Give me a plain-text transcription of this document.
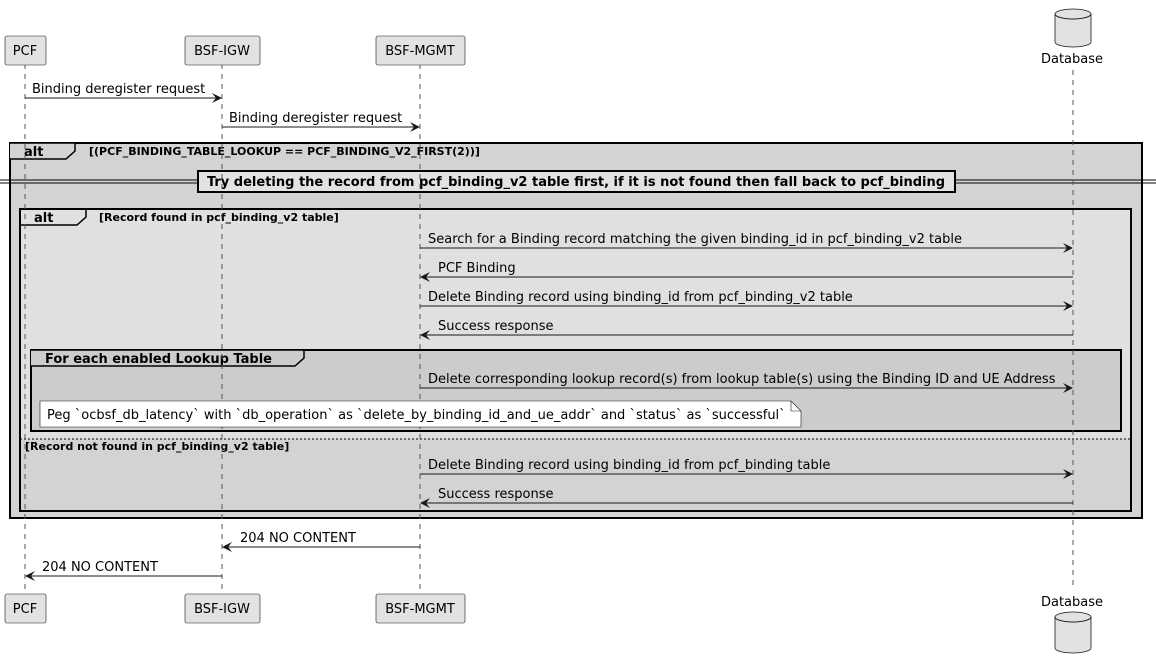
alt	[(PCF_BINDING_TABLE_LOOKUP == PCF_BINDING_V2_FIRST(2))]
Try deleting the record from pcf_binding_v2 table first, if it is not found then fall back to pcf_binding
alt	[Record found in pcf_binding_v2 table]
[Record not found in pcf_binding_v2 table]
For each enabled Lookup Table
PCF	BSF-IGW	BSF-MGMT
Database
PCF	BSF-IGW	BSF-MGMT	Database
Binding deregister request
Binding deregister request
Search for a Binding record matching the given binding_id in pcf_binding_v2 table
PCF Binding
Delete Binding record using binding_id from pcf_binding_v2 table
Success response
Delete corresponding lookup record(s) from lookup table(s) using the Binding ID and UE Address
Delete Binding record using binding_id from pcf_binding table
Success response
204 NO CONTENT
204 NO CONTENT
Peg `ocbsf_db_latency` with `db_operation` as `delete_by_binding_id_and_ue_addr` and `status` as `successful`
